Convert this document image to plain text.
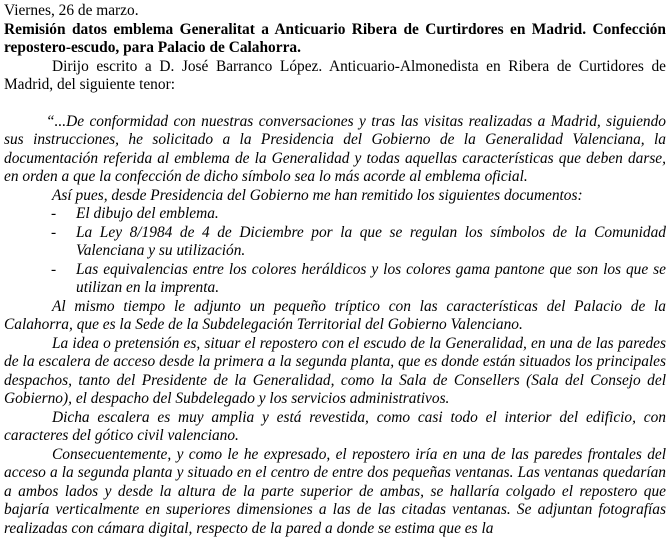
Viernes, 26 de marzo.

Remisión datos emblema Generalitat a Anticuario Ribera de Curtirdores en Madrid. Confección repostero-escudo, para Palacio de Calahorra.

Dirijo escrito a D. José Barranco López. Anticuario-Almonedista en Ribera de Curtidores de Madrid, del siguiente tenor:

“...De conformidad con nuestras conversaciones y tras las visitas realizadas a Madrid, siguiendo sus instrucciones, he solicitado a la Presidencia del Gobierno de la Generalidad Valenciana, la documentación referida al emblema de la Generalidad y todas aquellas características que deben darse, en orden a que la confección de dicho símbolo sea lo más acorde al emblema oficial.

Así pues, desde Presidencia del Gobierno me han remitido los siguientes documentos:

- El dibujo del emblema.
- La Ley 8/1984 de 4 de Diciembre por la que se regulan los símbolos de la Comunidad Valenciana y su utilización.
- Las equivalencias entre los colores heráldicos y los colores gama pantone que son los que se utilizan en la imprenta.

Al mismo tiempo le adjunto un pequeño tríptico con las características del Palacio de la Calahorra, que es la Sede de la Subdelegación Territorial del Gobierno Valenciano.

La idea o pretensión es, situar el repostero con el escudo de la Generalidad, en una de las paredes de la escalera de acceso desde la primera a la segunda planta, que es donde están situados los principales despachos, tanto del Presidente de la Generalidad, como la Sala de Consellers (Sala del Consejo del Gobierno), el despacho del Subdelegado y los servicios administrativos.

Dicha escalera es muy amplia y está revestida, como casi todo el interior del edificio, con caracteres del gótico civil valenciano.

Consecuentemente, y como le he expresado, el repostero iría en una de las paredes frontales del acceso a la segunda planta y situado en el centro de entre dos pequeñas ventanas. Las ventanas quedarían a ambos lados y desde la altura de la parte superior de ambas, se hallaría colgado el repostero que bajaría verticalmente en superiores dimensiones a las de las citadas ventanas. Se adjuntan fotografías realizadas con cámara digital, respecto de la pared a donde se estima que es la
